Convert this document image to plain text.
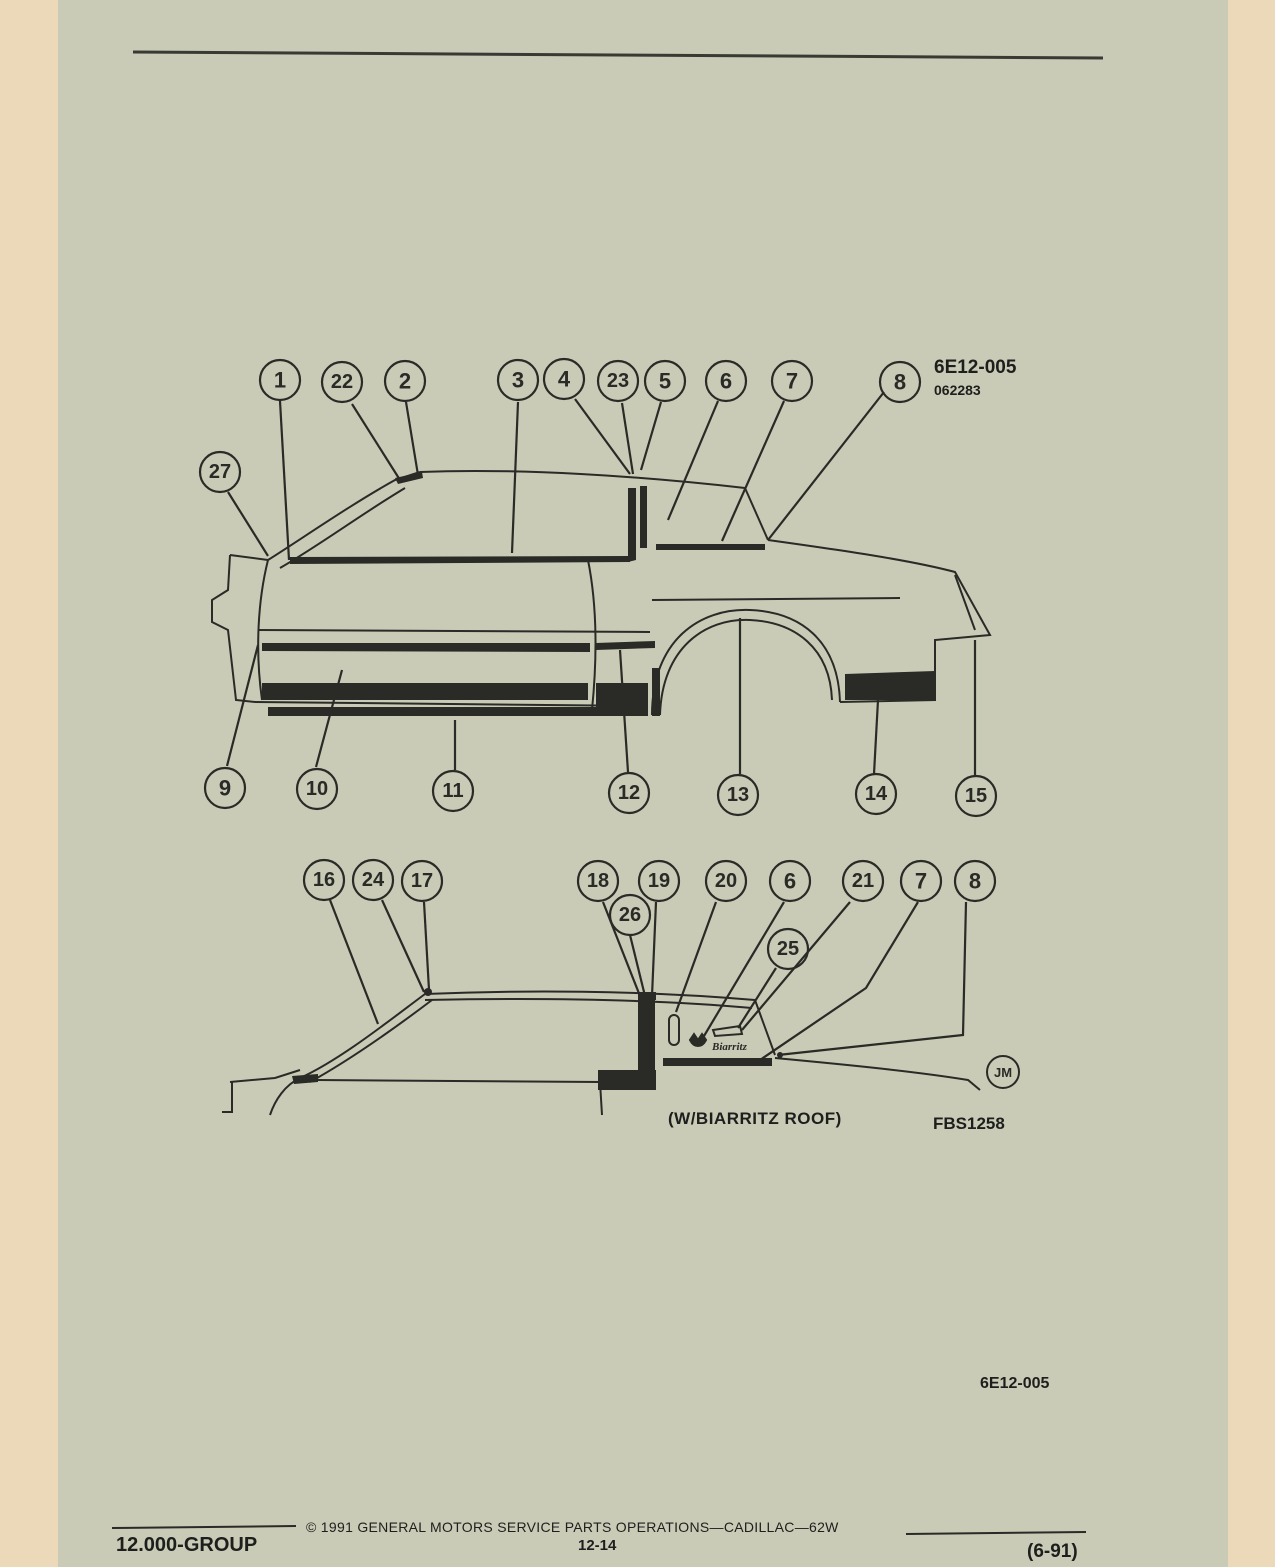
Biarritz
1 22 2	3 4 23 5 6 7	8
27
9	10	11	12	13	14	15
16 24 17	18 19 20 6	21 7 8
26
25

6E12-005

062283

(W/BIARRITZ ROOF)	FBS1258

JM

6E12-005

12.000-GROUP

© 1991 GENERAL MOTORS SERVICE PARTS OPERATIONS—CADILLAC—62W

12-14	(6-91)
